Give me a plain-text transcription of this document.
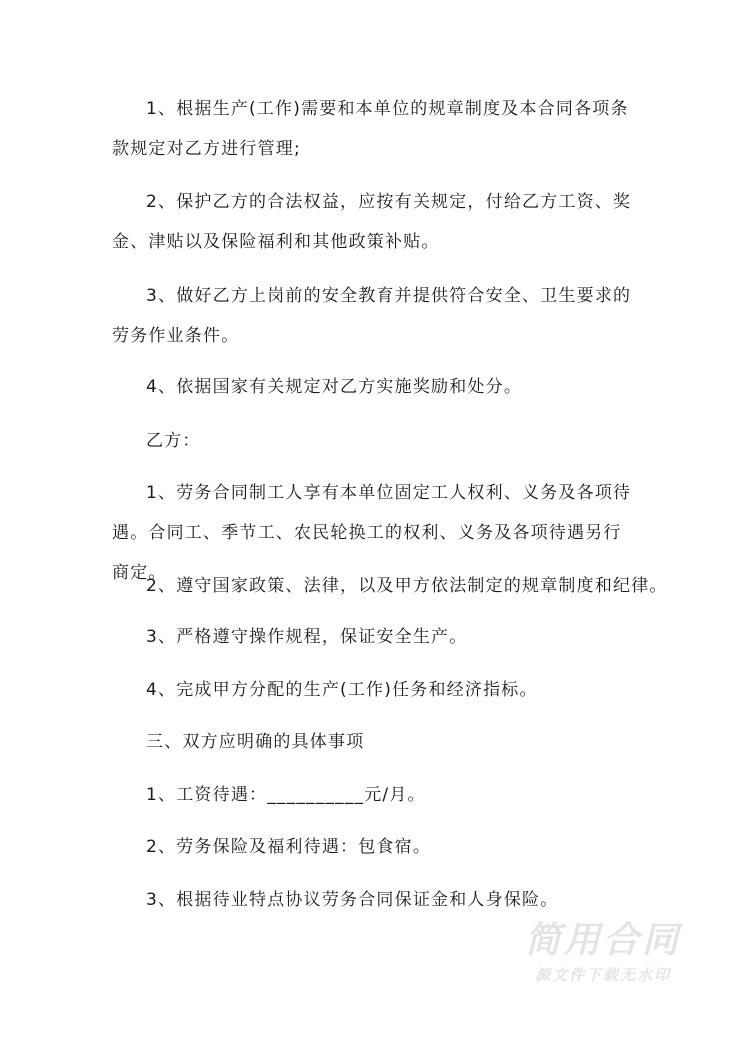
1、根据生产(工作)需要和本单位的规章制度及本合同各项条款规定对乙方进行管理;

2、保护乙方的合法权益，应按有关规定，付给乙方工资、奖金、津贴以及保险福利和其他政策补贴。

3、做好乙方上岗前的安全教育并提供符合安全、卫生要求的劳务作业条件。

4、依据国家有关规定对乙方实施奖励和处分。

乙方：

1、劳务合同制工人享有本单位固定工人权利、义务及各项待遇。合同工、季节工、农民轮换工的权利、义务及各项待遇另行商定。

2、遵守国家政策、法律，以及甲方依法制定的规章制度和纪律。

3、严格遵守操作规程，保证安全生产。

4、完成甲方分配的生产(工作)任务和经济指标。

三、双方应明确的具体事项

1、工资待遇：__________元/月。

2、劳务保险及福利待遇：包食宿。

3、根据待业特点协议劳务合同保证金和人身保险。

简用合同
源文件下载无水印
